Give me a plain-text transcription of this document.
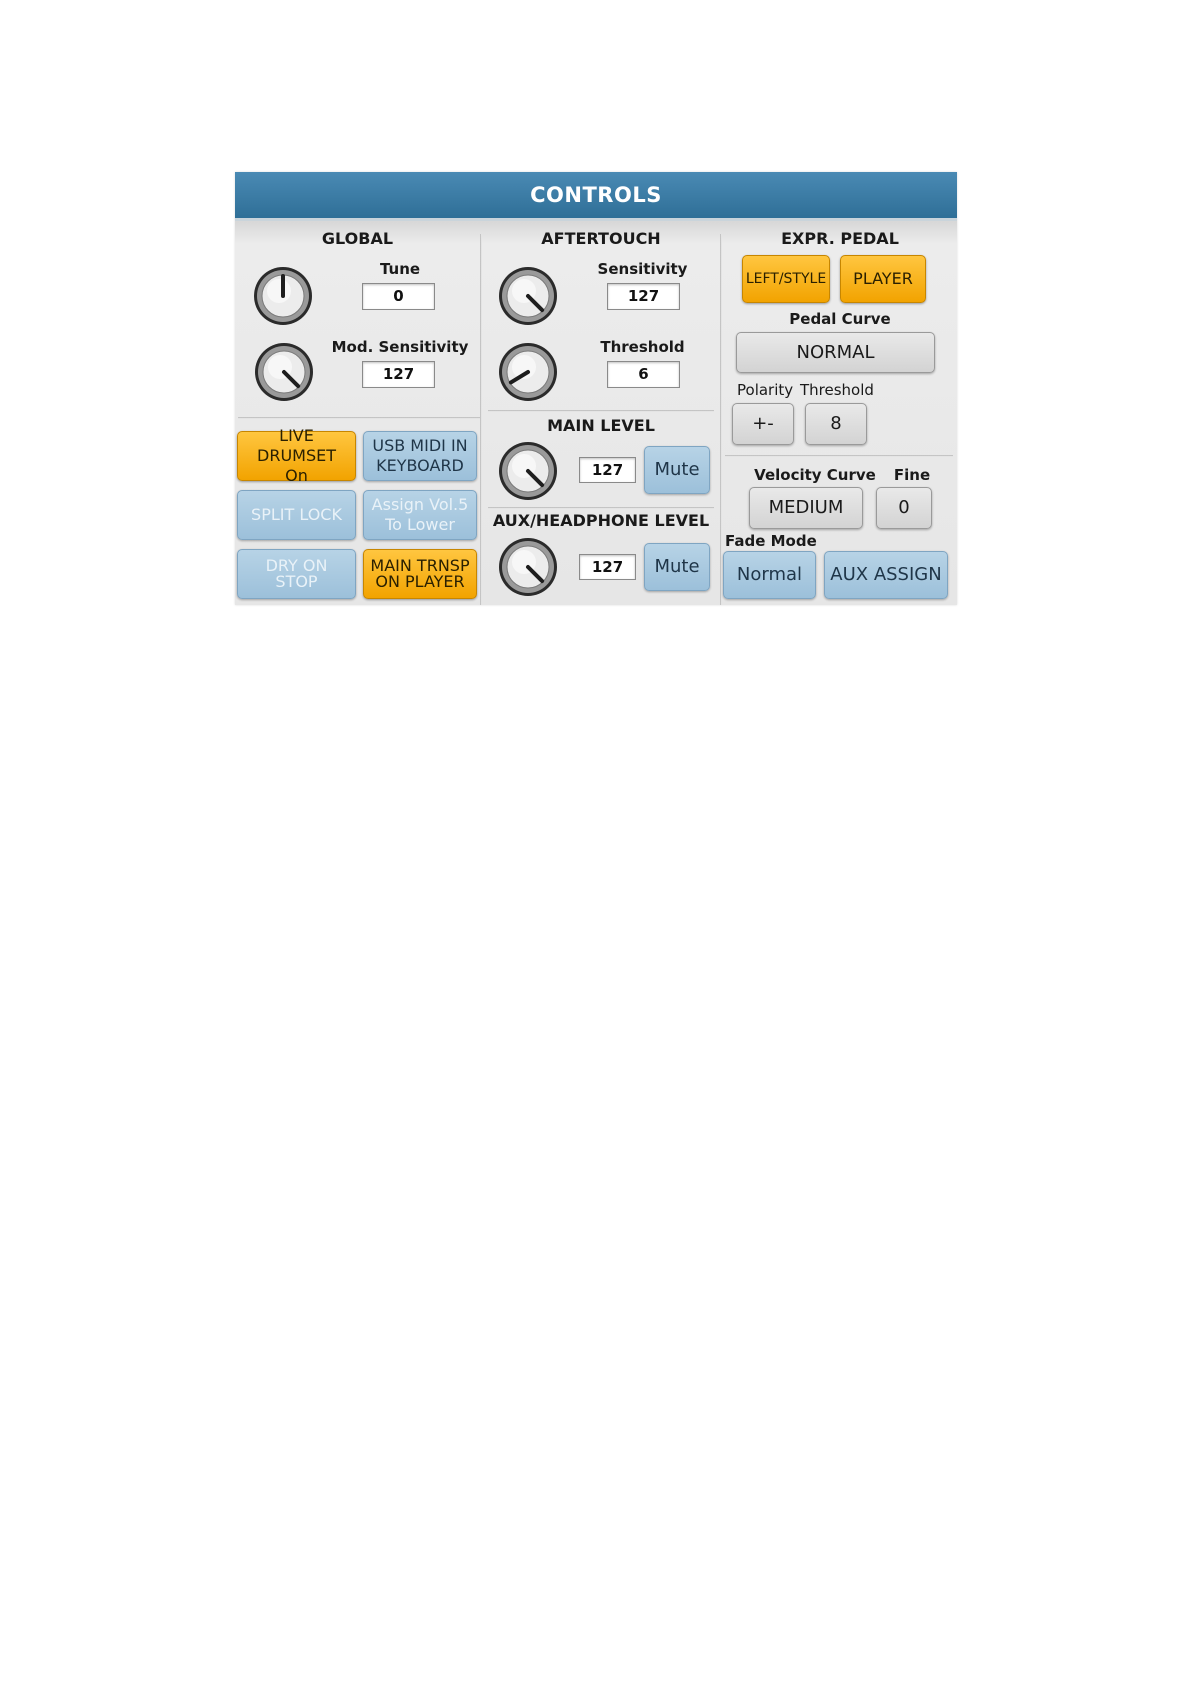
CONTROLS
GLOBAL
Tune
0
Mod. Sensitivity
127
LIVE DRUMSET
On
USB MIDI IN
KEYBOARD
SPLIT LOCK
Assign Vol.5
To Lower
DRY ON
STOP
MAIN TRNSP
ON PLAYER
AFTERTOUCH
Sensitivity
127
Threshold
6
MAIN LEVEL
127	Mute
AUX/HEADPHONE LEVEL
127	Mute
EXPR. PEDAL
LEFT/STYLE PLAYER
Pedal Curve
NORMAL
Polarity Threshold
+-	8
Velocity Curve	Fine
MEDIUM	0
Fade Mode
Normal AUX ASSIGN
